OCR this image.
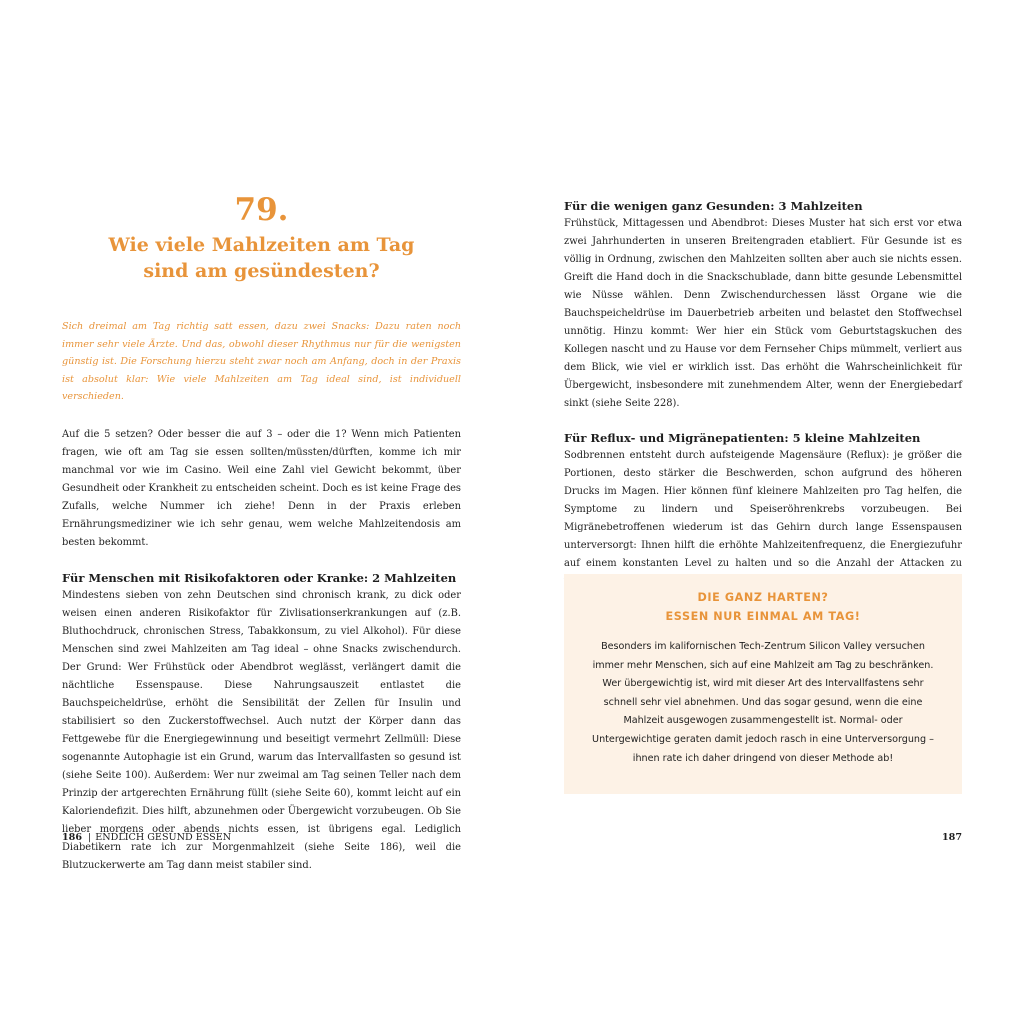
79.
Wie viele Mahlzeiten am Tag
sind am gesündesten?

Sich dreimal am Tag richtig satt essen, dazu zwei Snacks: Dazu raten noch immer sehr viele Ärzte. Und das, obwohl dieser Rhythmus nur für die wenigsten günstig ist. Die Forschung hierzu steht zwar noch am Anfang, doch in der Praxis ist absolut klar: Wie viele Mahlzeiten am Tag ideal sind, ist individuell verschieden.

Auf die 5 setzen? Oder besser die auf 3 – oder die 1? Wenn mich Patienten fragen, wie oft am Tag sie essen sollten/müssten/dürften, komme ich mir manchmal vor wie im Casino. Weil eine Zahl viel Gewicht bekommt, über Gesundheit oder Krankheit zu entscheiden scheint. Doch es ist keine Frage des Zufalls, welche Nummer ich ziehe! Denn in der Praxis erleben Ernährungsmediziner wie ich sehr genau, wem welche Mahlzeitendosis am besten bekommt.

Für Menschen mit Risikofaktoren oder Kranke: 2 Mahlzeiten

Mindestens sieben von zehn Deutschen sind chronisch krank, zu dick oder weisen einen anderen Risikofaktor für Zivlisationserkrankungen auf (z.B. Bluthochdruck, chronischen Stress, Tabakkonsum, zu viel Alkohol). Für diese Menschen sind zwei Mahlzeiten am Tag ideal – ohne Snacks zwischendurch. Der Grund: Wer Frühstück oder Abendbrot weglässt, verlängert damit die nächtliche Essenspause. Diese Nahrungsauszeit entlastet die Bauchspeicheldrüse, erhöht die Sensibilität der Zellen für Insulin und stabilisiert so den Zuckerstoffwechsel. Auch nutzt der Körper dann das Fettgewebe für die Energiegewinnung und beseitigt vermehrt Zellmüll: Diese sogenannte Autophagie ist ein Grund, warum das Intervallfasten so gesund ist (siehe Seite 100). Außerdem: Wer nur zweimal am Tag seinen Teller nach dem Prinzip der artgerechten Ernährung füllt (siehe Seite 60), kommt leicht auf ein Kaloriendefizit. Dies hilft, abzunehmen oder Übergewicht vorzubeugen. Ob Sie lieber morgens oder abends nichts essen, ist übrigens egal. Lediglich Diabetikern rate ich zur Morgenmahlzeit (siehe Seite 186), weil die Blutzuckerwerte am Tag dann meist stabiler sind.

Für die wenigen ganz Gesunden: 3 Mahlzeiten

Frühstück, Mittagessen und Abendbrot: Dieses Muster hat sich erst vor etwa zwei Jahrhunderten in unseren Breitengraden etabliert. Für Gesunde ist es völlig in Ordnung, zwischen den Mahlzeiten sollten aber auch sie nichts essen. Greift die Hand doch in die Snackschublade, dann bitte gesunde Lebensmittel wie Nüsse wählen. Denn Zwischendurchessen lässt Organe wie die Bauchspeicheldrüse im Dauerbetrieb arbeiten und belastet den Stoffwechsel unnötig. Hinzu kommt: Wer hier ein Stück vom Geburtstagskuchen des Kollegen nascht und zu Hause vor dem Fernseher Chips mümmelt, verliert aus dem Blick, wie viel er wirklich isst. Das erhöht die Wahrscheinlichkeit für Übergewicht, insbesondere mit zunehmendem Alter, wenn der Energiebedarf sinkt (siehe Seite 228).

Für Reflux- und Migränepatienten: 5 kleine Mahlzeiten

Sodbrennen entsteht durch aufsteigende Magensäure (Reflux): je größer die Portionen, desto stärker die Beschwerden, schon aufgrund des höheren Drucks im Magen. Hier können fünf kleinere Mahlzeiten pro Tag helfen, die Symptome zu lindern und Speiseröhrenkrebs vorzubeugen. Bei Migränebetroffenen wiederum ist das Gehirn durch lange Essenspausen unterversorgt: Ihnen hilft die erhöhte Mahlzeitenfrequenz, die Energiezufuhr auf einem konstanten Level zu halten und so die Anzahl der Attacken zu

DIE GANZ HARTEN?
ESSEN NUR EINMAL AM TAG!

Besonders im kalifornischen Tech-Zentrum Silicon Valley versuchen immer mehr Menschen, sich auf eine Mahlzeit am Tag zu beschränken. Wer übergewichtig ist, wird mit dieser Art des Intervallfastens sehr schnell sehr viel abnehmen. Und das sogar gesund, wenn die eine Mahlzeit ausgewogen zusammengestellt ist. Normal- oder Untergewichtige geraten damit jedoch rasch in eine Unterversorgung – ihnen rate ich daher dringend von dieser Methode ab!

186 | ENDLICH GESUND ESSEN	187
